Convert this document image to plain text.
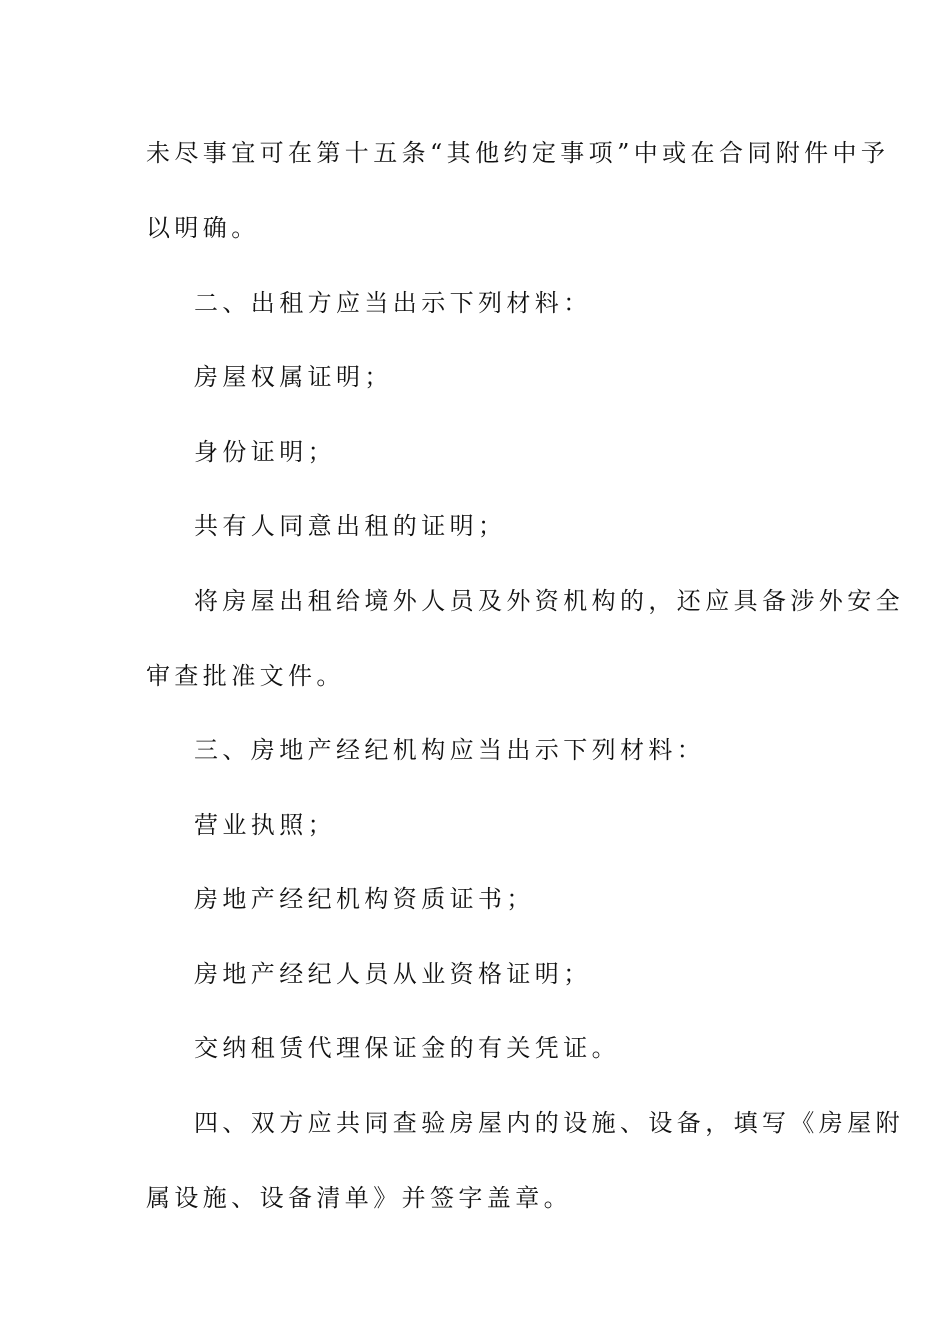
未尽事宜可在第十五条“其他约定事项”中或在合同附件中予
以明确。
二、出租方应当出示下列材料：
房屋权属证明；
身份证明；
共有人同意出租的证明；
将房屋出租给境外人员及外资机构的，还应具备涉外安全
审查批准文件。
三、房地产经纪机构应当出示下列材料：
营业执照；
房地产经纪机构资质证书；
房地产经纪人员从业资格证明；
交纳租赁代理保证金的有关凭证。
四、双方应共同查验房屋内的设施、设备，填写《房屋附
属设施、设备清单》并签字盖章。
